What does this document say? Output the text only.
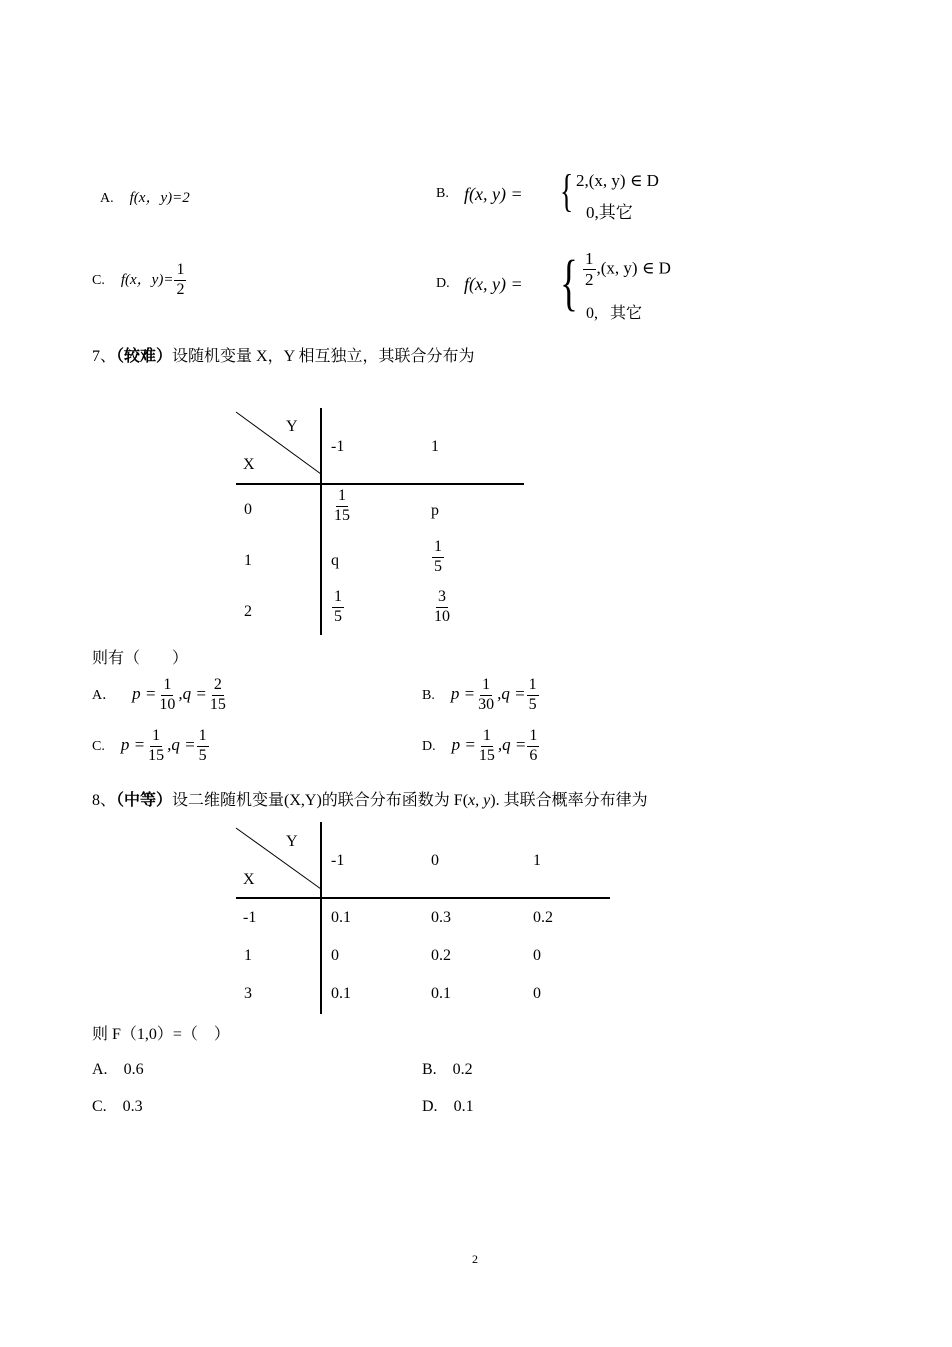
A. f(x，y)=2	B. f(x, y) = { 2,(x, y) ∈ D
0,其它
C. f(x，$y)= \frac{1}{2}$	D. f(x, y) = { $\frac{1}{2} ,(x$, y) ∈ D
0,   其它
7、（较难）设随机变量 X，Y 相互独立，其联合分布为
Y
X
-1	1
0	$\frac{1}{15}$	p
1	q	$\frac{1}{5}$
2	$\frac{1}{5}$	$\frac{3}{10}$
则有（        ）
A． $p = \frac{1}{10} ,q = \frac{2}{15}$	B. $p = \frac{1}{30} ,q = \frac{1}{5}$
C. $p = \frac{1}{15} ,q = \frac{1}{5}$	D. $p = \frac{1}{15} ,q = \frac{1}{6}$
8、（中等）设二维随机变量(X,Y)的联合分布函数为 F(x, y). 其联合概率分布律为
Y
X
-1	0	1
-1	0.1	0.3	0.2
1	0	0.2	0
3	0.1	0.1	0
则 F（1,0）=（    ）
A. 0.6	B. 0.2
C. 0.3	D. 0.1
2
